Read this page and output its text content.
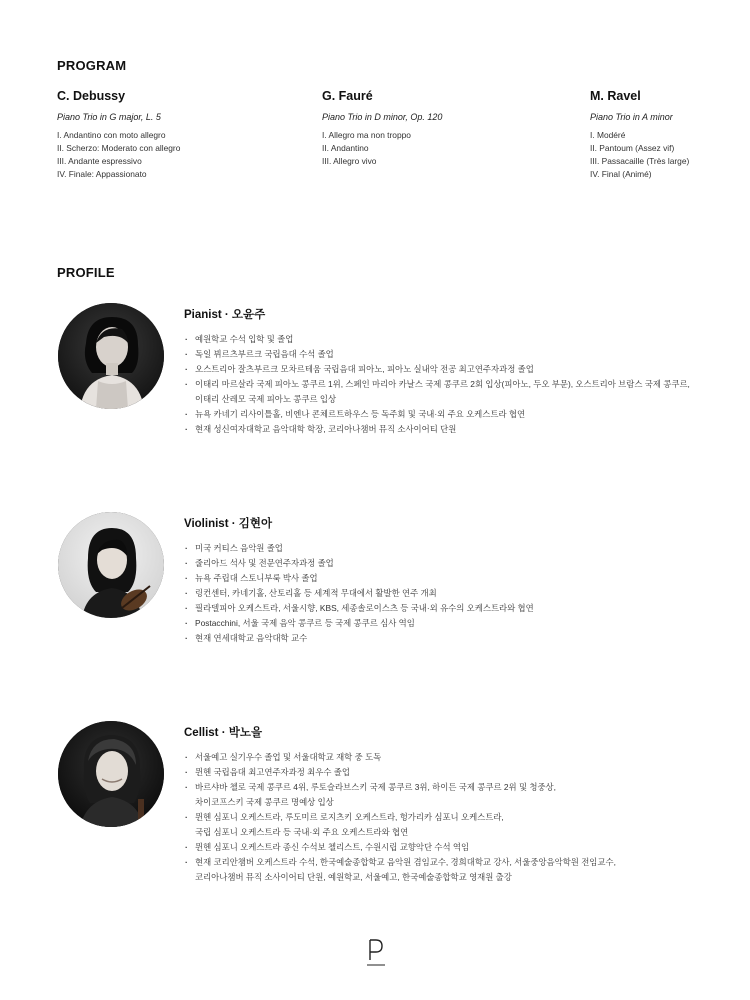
PROGRAM
C. Debussy
Piano Trio in G major, L. 5
I. Andantino con moto allegro
II. Scherzo: Moderato con allegro
III. Andante espressivo
IV. Finale: Appassionato
G. Fauré
Piano Trio in D minor, Op. 120
I. Allegro ma non troppo
II. Andantino
III. Allegro vivo
M. Ravel
Piano Trio in A minor
I. Modéré
II. Pantoum (Assez vif)
III. Passacaille (Très large)
IV. Final (Animé)
PROFILE
Pianist · 오윤주
· 예원학교 수석 입학 및 졸업
· 독일 뷔르츠부르크 국립음대 수석 졸업
· 오스트리아 잘츠부르크 모차르테움 국립음대 피아노, 피아노 실내악 전공 최고연주자과정 졸업
· 이태리 마르살라 국제 피아노 콩쿠르 1위, 스페인 마리아 카날스 국제 콩쿠르 2회 입상(피아노, 두오 부문), 오스트리아 브람스 국제 콩쿠르,
이태리 산레모 국제 피아노 콩쿠르 입상
· 뉴욕 카네기 리사이틀홀, 비엔나 콘체르트하우스 등 독주회 및 국내·외 주요 오케스트라 협연
· 현재 성신여자대학교 음악대학 학장, 코리아나챔버 뮤직 소사이어티 단원
Violinist · 김현아
· 미국 커티스 음악원 졸업
· 줄리아드 석사 및 전문연주자과정 졸업
· 뉴욕 주립대 스토니부룩 박사 졸업
· 링컨센터, 카네기홀, 산토리홀 등 세계적 무대에서 활발한 연주 개최
· 필라델피아 오케스트라, 서울시향, KBS, 세종솔로이스츠 등 국내·외 유수의 오케스트라와 협연
· Postacchini, 서울 국제 음악 콩쿠르 등 국제 콩쿠르 심사 역임
· 현재 연세대학교 음악대학 교수
Cellist · 박노을
· 서울예고 실기우수 졸업 및 서울대학교 재학 중 도독
· 뮌헨 국립음대 최고연주자과정 최우수 졸업
· 바르샤바 첼로 국제 콩쿠르 4위, 루토슬라브스키 국제 콩쿠르 3위, 하이든 국제 콩쿠르 2위 및 청중상,
차이코프스키 국제 콩쿠르 명예상 입상
· 뮌헨 심포니 오케스트라, 루도미르 로지츠키 오케스트라, 헝가리카 심포니 오케스트라,
국립 심포니 오케스트라 등 국내·외 주요 오케스트라와 협연
· 뮌헨 심포니 오케스트라 종신 수석보 첼리스트, 수원시립 교향악단 수석 역임
· 현재 코리안챔버 오케스트라 수석, 한국예술종합학교 음악원 겸임교수, 경희대학교 강사, 서울중앙음악학원 전임교수,
코리아나챔버 뮤직 소사이어티 단원, 예원학교, 서울예고, 한국예술종합학교 영재원 출강
